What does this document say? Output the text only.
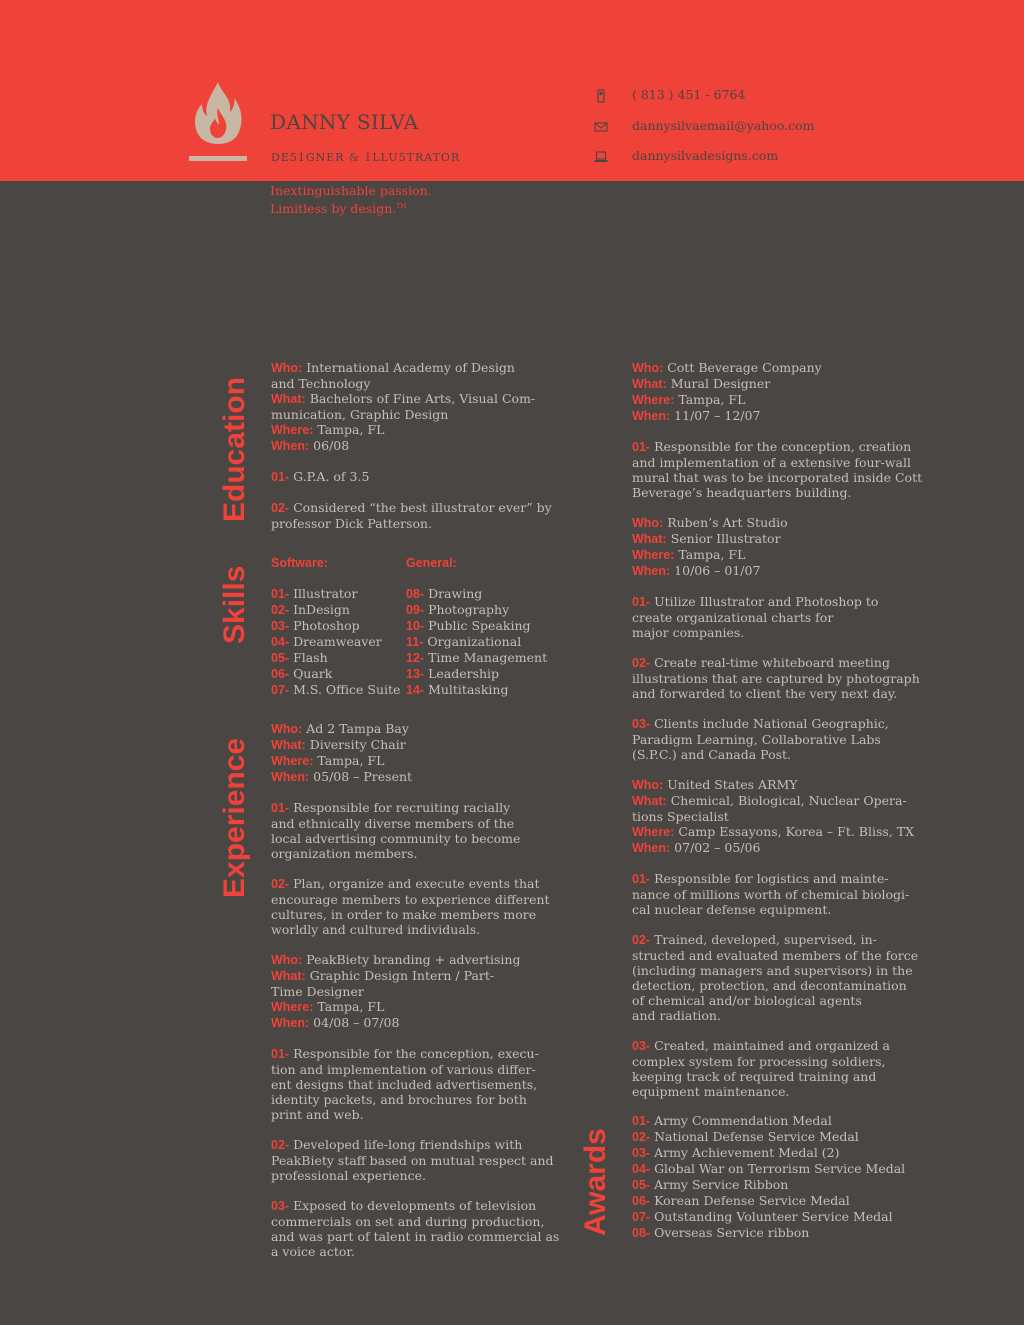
DANNY SILVA
DE51GNER & 1LLU5TRATOR
( 813 ) 451 - 6764
dannysilvaemail@yahoo.com
dannysilvadesigns.com
Inextinguishable passion.
Limitless by design.™
Education
Skills
Experience
Awards

Who: International Academy of Design

and Technology

What: Bachelors of Fine Arts, Visual Com-

munication, Graphic Design

Where: Tampa, FL

When: 06/08

01- G.P.A. of 3.5

02- Considered “the best illustrator ever” by

professor Dick Patterson.

Software:

01- Illustrator

02- InDesign

03- Photoshop

04- Dreamweaver

05- Flash

06- Quark

07- M.S. Office Suite

General:

08- Drawing

09- Photography

10- Public Speaking

11- Organizational

12- Time Management

13- Leadership

14- Multitasking

Who: Ad 2 Tampa Bay

What: Diversity Chair

Where: Tampa, FL

When: 05/08 – Present

01- Responsible for recruiting racially

and ethnically diverse members of the

local advertising community to become

organization members.

02- Plan, organize and execute events that

encourage members to experience different

cultures, in order to make members more

worldly and cultured individuals.

Who: PeakBiety branding + advertising

What: Graphic Design Intern / Part-

Time Designer

Where: Tampa, FL

When: 04/08 – 07/08

01- Responsible for the conception, execu-

tion and implementation of various differ-

ent designs that included advertisements,

identity packets, and brochures for both

print and web.

02- Developed life-long friendships with

PeakBiety staff based on mutual respect and

professional experience.

03- Exposed to developments of television

commercials on set and during production,

and was part of talent in radio commercial as

a voice actor.

Who: Cott Beverage Company

What: Mural Designer

Where: Tampa, FL

When: 11/07 – 12/07

01- Responsible for the conception, creation

and implementation of a extensive four-wall

mural that was to be incorporated inside Cott

Beverage’s headquarters building.

Who: Ruben’s Art Studio

What: Senior Illustrator

Where: Tampa, FL

When: 10/06 – 01/07

01- Utilize Illustrator and Photoshop to

create organizational charts for

major companies.

02- Create real-time whiteboard meeting

illustrations that are captured by photograph

and forwarded to client the very next day.

03- Clients include National Geographic,

Paradigm Learning, Collaborative Labs

(S.P.C.) and Canada Post.

Who: United States ARMY

What: Chemical, Biological, Nuclear Opera-

tions Specialist

Where: Camp Essayons, Korea – Ft. Bliss, TX

When: 07/02 – 05/06

01- Responsible for logistics and mainte-

nance of millions worth of chemical biologi-

cal nuclear defense equipment.

02- Trained, developed, supervised, in-

structed and evaluated members of the force

(including managers and supervisors) in the

detection, protection, and decontamination

of chemical and/or biological agents

and radiation.

03- Created, maintained and organized a

complex system for processing soldiers,

keeping track of required training and

equipment maintenance.

01- Army Commendation Medal

02- National Defense Service Medal

03- Army Achievement Medal (2)

04- Global War on Terrorism Service Medal

05- Army Service Ribbon

06- Korean Defense Service Medal

07- Outstanding Volunteer Service Medal

08- Overseas Service ribbon
